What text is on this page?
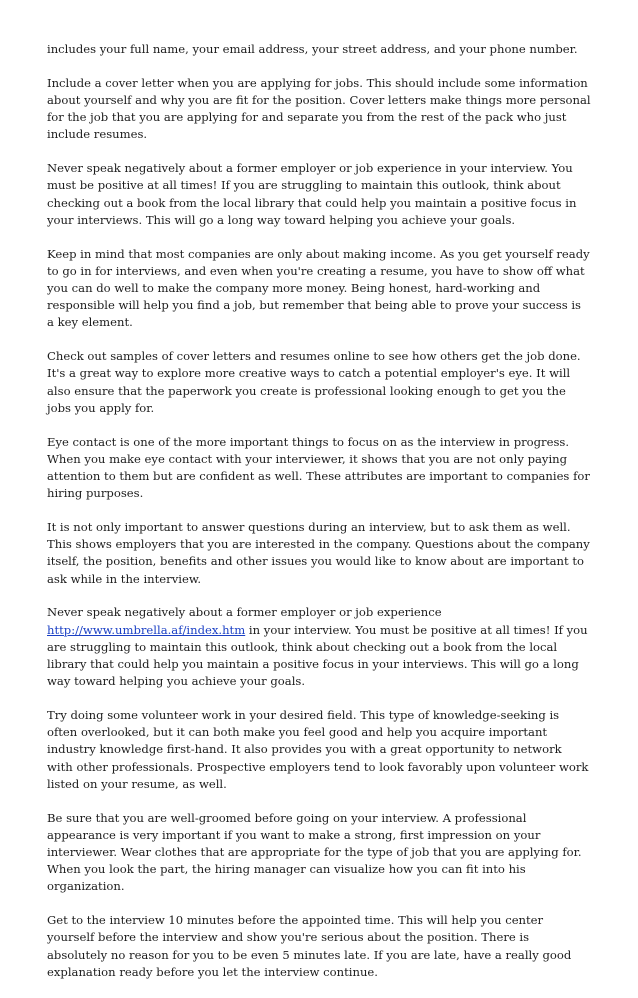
includes your full name, your email address, your street address, and your phone number.

Include a cover letter when you are applying for jobs. This should include some information about yourself and why you are fit for the position. Cover letters make things more personal for the job that you are applying for and separate you from the rest of the pack who just include resumes.

Never speak negatively about a former employer or job experience in your interview. You must be positive at all times! If you are struggling to maintain this outlook, think about checking out a book from the local library that could help you maintain a positive focus in your interviews. This will go a long way toward helping you achieve your goals.

Keep in mind that most companies are only about making income. As you get yourself ready to go in for interviews, and even when you're creating a resume, you have to show off what you can do well to make the company more money. Being honest, hard-working and responsible will help you find a job, but remember that being able to prove your success is a key element.

Check out samples of cover letters and resumes online to see how others get the job done. It's a great way to explore more creative ways to catch a potential employer's eye. It will also ensure that the paperwork you create is professional looking enough to get you the jobs you apply for.

Eye contact is one of the more important things to focus on as the interview in progress. When you make eye contact with your interviewer, it shows that you are not only paying attention to them but are confident as well. These attributes are important to companies for hiring purposes.

It is not only important to answer questions during an interview, but to ask them as well. This shows employers that you are interested in the company. Questions about the company itself, the position, benefits and other issues you would like to know about are important to ask while in the interview.

Never speak negatively about a former employer or job experience http://www.umbrella.af/index.htm in your interview. You must be positive at all times! If you are struggling to maintain this outlook, think about checking out a book from the local library that could help you maintain a positive focus in your interviews. This will go a long way toward helping you achieve your goals.

Try doing some volunteer work in your desired field. This type of knowledge-seeking is often overlooked, but it can both make you feel good and help you acquire important industry knowledge first-hand. It also provides you with a great opportunity to network with other professionals. Prospective employers tend to look favorably upon volunteer work listed on your resume, as well.

Be sure that you are well-groomed before going on your interview. A professional appearance is very important if you want to make a strong, first impression on your interviewer. Wear clothes that are appropriate for the type of job that you are applying for. When you look the part, the hiring manager can visualize how you can fit into his organization.

Get to the interview 10 minutes before the appointed time. This will help you center yourself before the interview and show you're serious about the position. There is absolutely no reason for you to be even 5 minutes late. If you are late, have a really good explanation ready before you let the interview continue.
